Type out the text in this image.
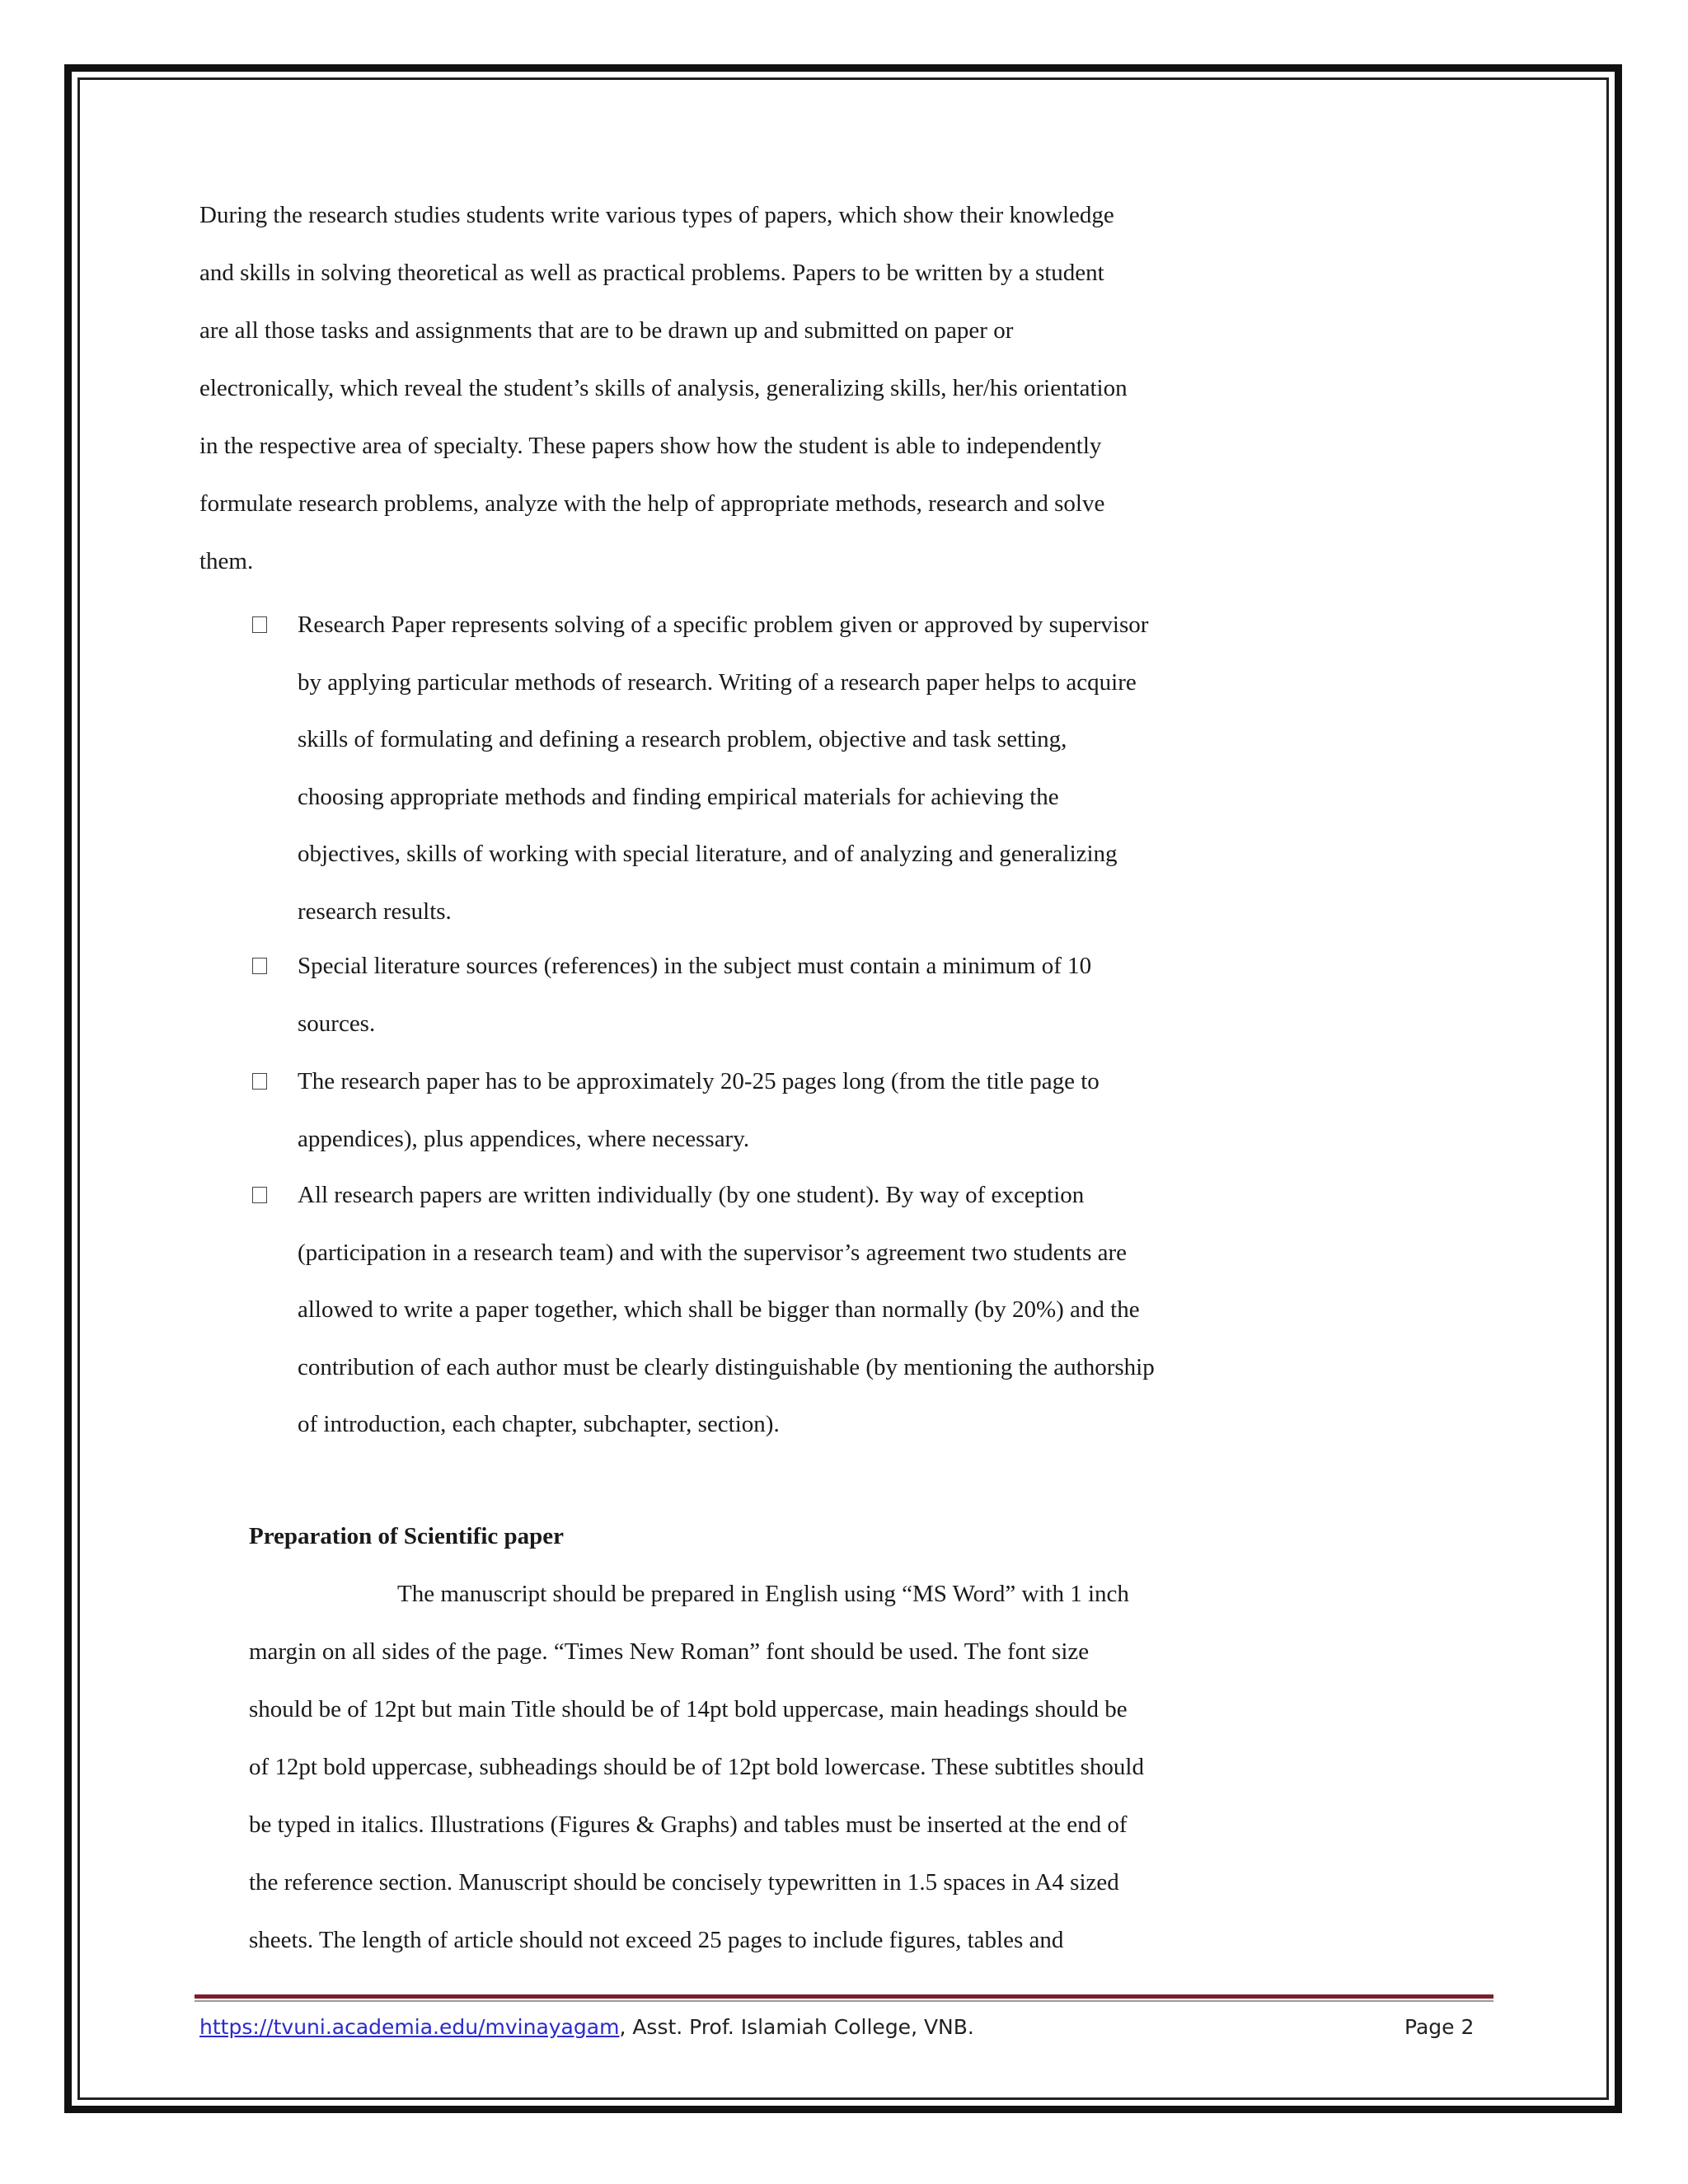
During the research studies students write various types of papers, which show their knowledge
and skills in solving theoretical as well as practical problems. Papers to be written by a student
are all those tasks and assignments that are to be drawn up and submitted on paper or
electronically, which reveal the student’s skills of analysis, generalizing skills, her/his orientation
in the respective area of specialty. These papers show how the student is able to independently
formulate research problems, analyze with the help of appropriate methods, research and solve
them.
Research Paper represents solving of a specific problem given or approved by supervisor
by applying particular methods of research. Writing of a research paper helps to acquire
skills of formulating and defining a research problem, objective and task setting,
choosing appropriate methods and finding empirical materials for achieving the
objectives, skills of working with special literature, and of analyzing and generalizing
research results.
Special literature sources (references) in the subject must contain a minimum of 10
sources.
The research paper has to be approximately 20-25 pages long (from the title page to
appendices), plus appendices, where necessary.
All research papers are written individually (by one student). By way of exception
(participation in a research team) and with the supervisor’s agreement two students are
allowed to write a paper together, which shall be bigger than normally (by 20%) and the
contribution of each author must be clearly distinguishable (by mentioning the authorship
of introduction, each chapter, subchapter, section).
Preparation of Scientific paper
The manuscript should be prepared in English using “MS Word” with 1 inch
margin on all sides of the page. “Times New Roman” font should be used. The font size
should be of 12pt but main Title should be of 14pt bold uppercase, main headings should be
of 12pt bold uppercase, subheadings should be of 12pt bold lowercase. These subtitles should
be typed in italics. Illustrations (Figures & Graphs) and tables must be inserted at the end of
the reference section. Manuscript should be concisely typewritten in 1.5 spaces in A4 sized
sheets. The length of article should not exceed 25 pages to include figures, tables and
https://tvuni.academia.edu/mvinayagam, Asst. Prof. Islamiah College, VNB.	Page 2
